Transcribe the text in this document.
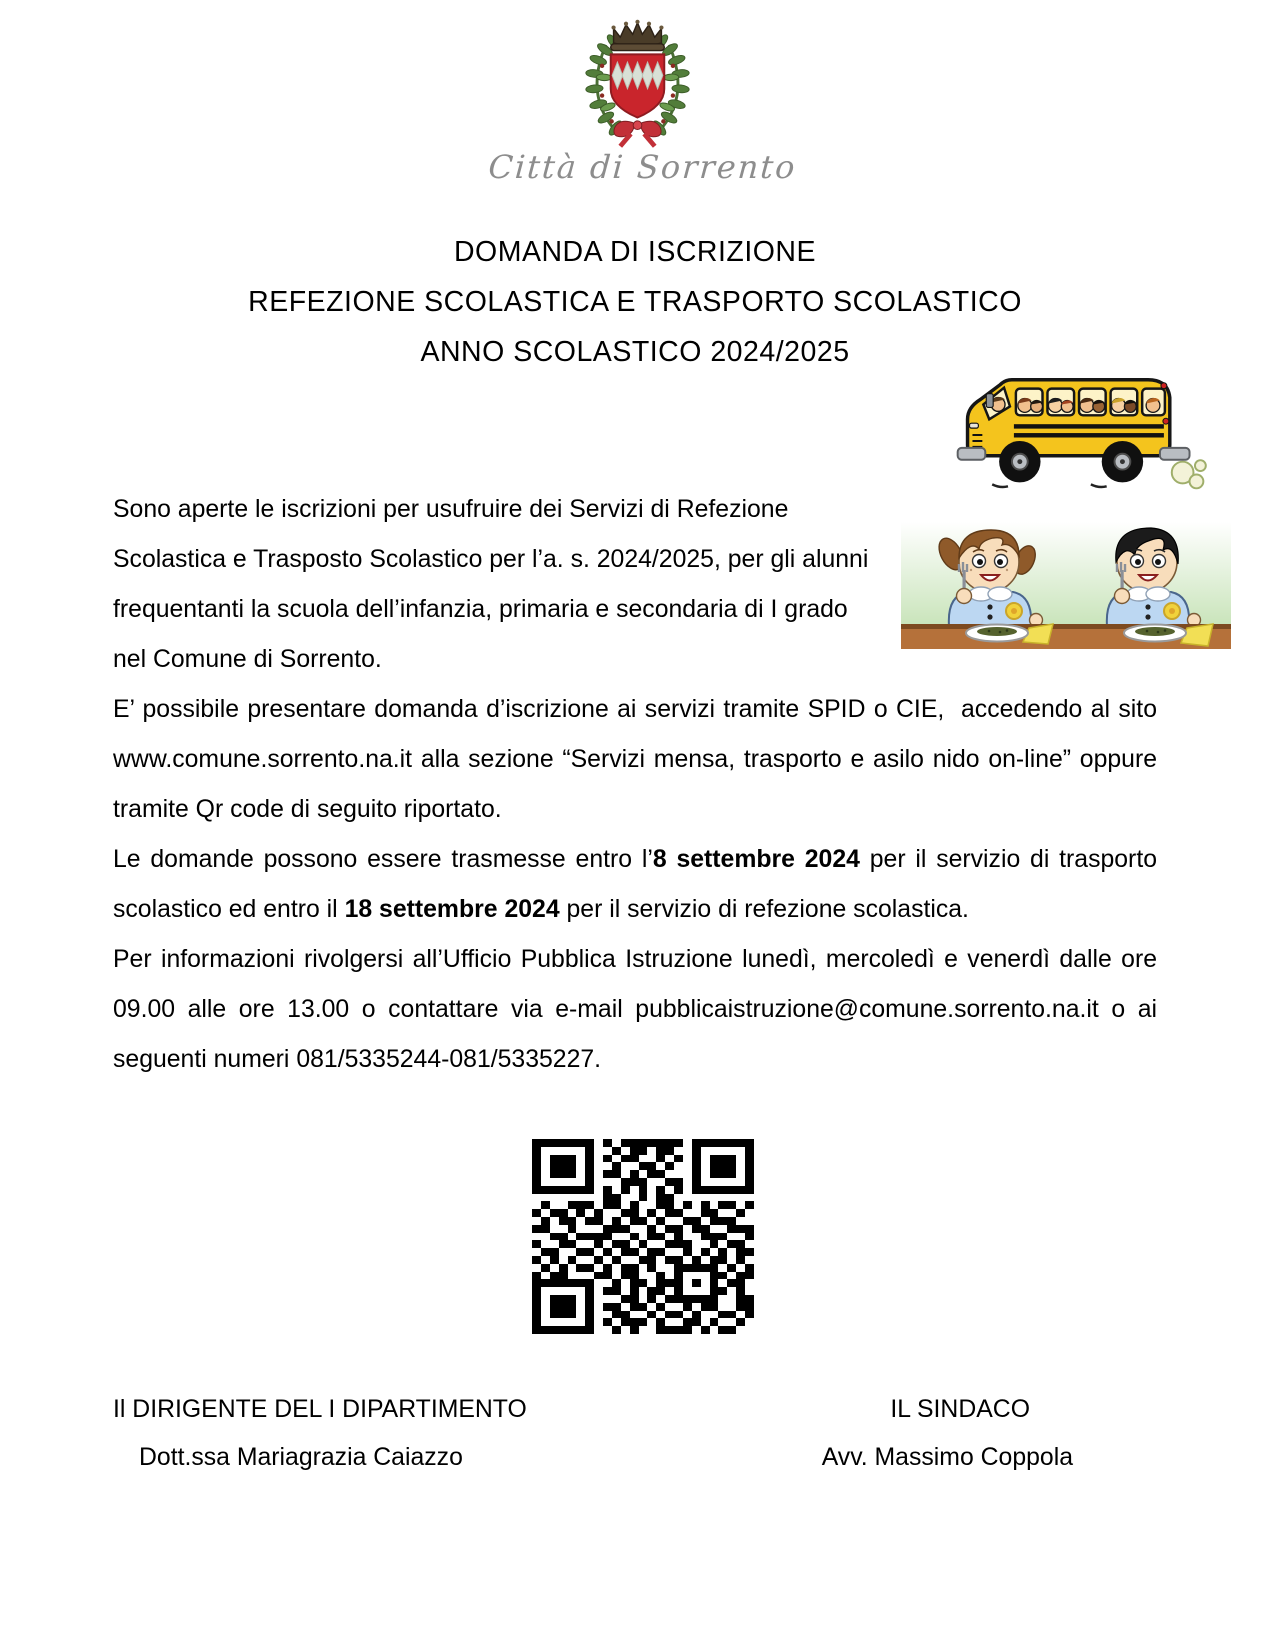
Città di Sorrento
DOMANDA DI ISCRIZIONE
REFEZIONE SCOLASTICA E TRASPORTO SCOLASTICO
ANNO SCOLASTICO 2024/2025

Sono aperte le iscrizioni per usufruire dei Servizi di Refezione Scolastica e Trasposto Scolastico per l’a. s. 2024/2025, per gli alunni frequentanti la scuola dell’infanzia, primaria e secondaria di I grado nel Comune di Sorrento.

E’ possibile presentare domanda d’iscrizione ai servizi tramite SPID o CIE,  accedendo al sito www.comune.sorrento.na.it alla sezione “Servizi mensa, trasporto e asilo nido on-line” oppure tramite Qr code di seguito riportato.

Le domande possono essere trasmesse entro l’8 settembre 2024 per il servizio di trasporto scolastico ed entro il 18 settembre 2024 per il servizio di refezione scolastica.

Per informazioni rivolgersi all’Ufficio Pubblica Istruzione lunedì, mercoledì e venerdì dalle ore 09.00 alle ore 13.00 o contattare via e-mail pubblicaistruzione@comune.sorrento.na.it o ai seguenti numeri 081/5335244-081/5335227.

Il DIRIGENTE DEL I DIPARTIMENTO	IL SINDACO
Dott.ssa Mariagrazia Caiazzo	Avv. Massimo Coppola
